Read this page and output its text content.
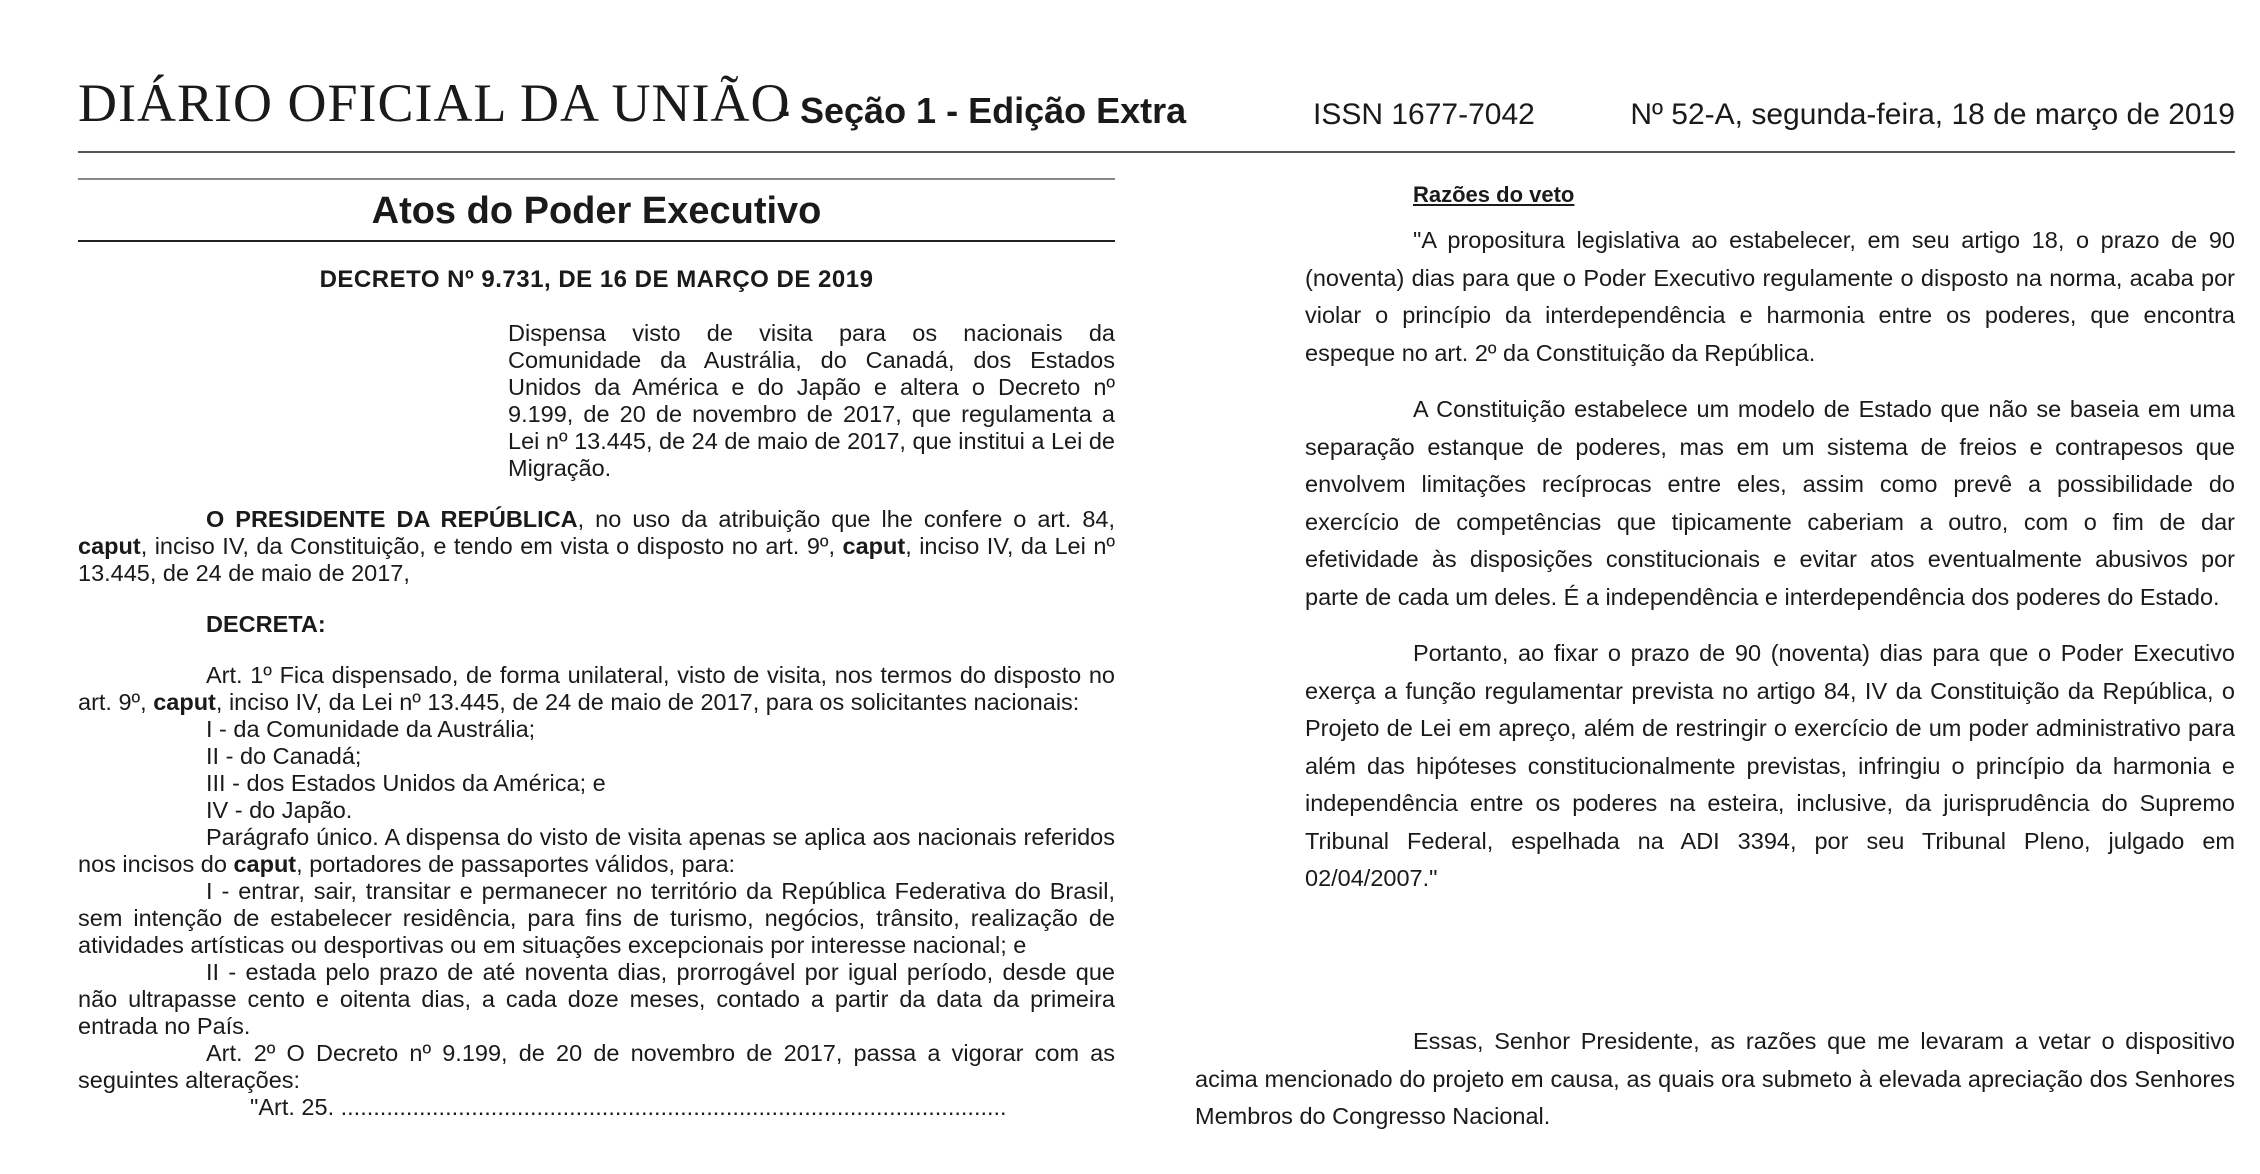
DIÁRIO OFICIAL DA UNIÃO
- Seção 1 - Edição Extra	ISSN 1677-7042	Nº 52-A, segunda-feira, 18 de março de 2019
Atos do Poder Executivo
DECRETO Nº 9.731, DE 16 DE MARÇO DE 2019
Dispensa visto de visita para os nacionais da Comunidade da Austrália, do Canadá, dos Estados Unidos da América e do Japão e altera o Decreto nº 9.199, de 20 de novembro de 2017, que regulamenta a Lei nº 13.445, de 24 de maio de 2017, que institui a Lei de Migração.
O PRESIDENTE DA REPÚBLICA, no uso da atribuição que lhe confere o art. 84, caput, inciso IV, da Constituição, e tendo em vista o disposto no art. 9º, caput, inciso IV, da Lei nº 13.445, de 24 de maio de 2017,
DECRETA:
Art. 1º Fica dispensado, de forma unilateral, visto de visita, nos termos do disposto no art. 9º, caput, inciso IV, da Lei nº 13.445, de 24 de maio de 2017, para os solicitantes nacionais:
I - da Comunidade da Austrália;
II - do Canadá;
III - dos Estados Unidos da América; e
IV - do Japão.
Parágrafo único. A dispensa do visto de visita apenas se aplica aos nacionais referidos nos incisos do caput, portadores de passaportes válidos, para:
I - entrar, sair, transitar e permanecer no território da República Federativa do Brasil, sem intenção de estabelecer residência, para fins de turismo, negócios, trânsito, realização de atividades artísticas ou desportivas ou em situações excepcionais por interesse nacional; e
II - estada pelo prazo de até noventa dias, prorrogável por igual período, desde que não ultrapasse cento e oitenta dias, a cada doze meses, contado a partir da data da primeira entrada no País.
Art. 2º O Decreto nº 9.199, de 20 de novembro de 2017, passa a vigorar com as seguintes alterações:
"Art. 25. ......................................................................................................
Razões do veto
"A propositura legislativa ao estabelecer, em seu artigo 18, o prazo de 90 (noventa) dias para que o Poder Executivo regulamente o disposto na norma, acaba por violar o princípio da interdependência e harmonia entre os poderes, que encontra espeque no art. 2º da Constituição da República.
A Constituição estabelece um modelo de Estado que não se baseia em uma separação estanque de poderes, mas em um sistema de freios e contrapesos que envolvem limitações recíprocas entre eles, assim como prevê a possibilidade do exercício de competências que tipicamente caberiam a outro, com o fim de dar efetividade às disposições constitucionais e evitar atos eventualmente abusivos por parte de cada um deles. É a independência e interdependência dos poderes do Estado.
Portanto, ao fixar o prazo de 90 (noventa) dias para que o Poder Executivo exerça a função regulamentar prevista no artigo 84, IV da Constituição da República, o Projeto de Lei em apreço, além de restringir o exercício de um poder administrativo para além das hipóteses constitucionalmente previstas, infringiu o princípio da harmonia e independência entre os poderes na esteira, inclusive, da jurisprudência do Supremo Tribunal Federal, espelhada na ADI 3394, por seu Tribunal Pleno, julgado em 02/04/2007."
Essas, Senhor Presidente, as razões que me levaram a vetar o dispositivo acima mencionado do projeto em causa, as quais ora submeto à elevada apreciação dos Senhores Membros do Congresso Nacional.
